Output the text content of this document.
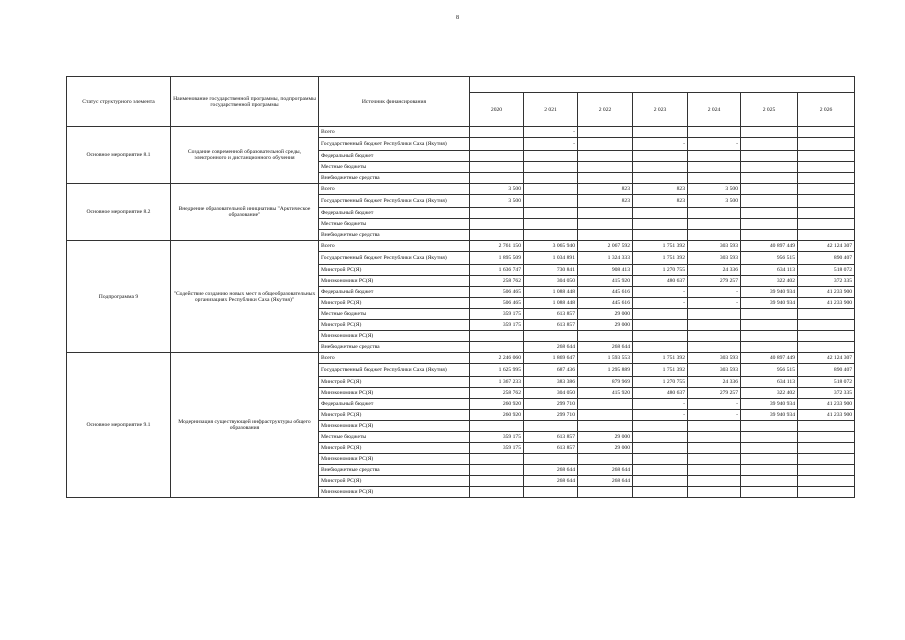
8
Статус структурного элемента	Наименование государственной программы, подпрограммы государственной программы	Источник финансирования							
			2020	2 021	2 022	2 023	2 024	2 025	2 026
Основное мероприятие 8.1	Создание современной образовательной среды, электронного и дистанционного обучения	Всего		-					
		Государственный бюджет Республики Саха (Якутия)		-		-	-		
		Федеральный бюджет							
		Местные бюджеты							
		Внебюджетные средства							
Основное мероприятие 8.2	Внедрение образовательной инициативы "Арктическое образование"	Всего	3 500		823	823	3 500		
		Государственный бюджет Республики Саха (Якутия)	3 500		823	823	3 500		
		Федеральный бюджет							
		Местные бюджеты							
		Внебюджетные средства							
Подпрограмма 9	"Содействие созданию новых мест в общеобразовательных организациях Республики Саха (Якутия)"	Всего	2 761 150	3 065 940	2 067 592	1 751 392	303 593	40 897 449	42 124 307
		Государственный бюджет Республики Саха (Якутия)	1 895 509	1 034 891	1 324 333	1 751 392	303 593	956 515	890 407
		Минстрой РС(Я)	1 636 747	730 841	908 413	1 270 755	24 336	634 113	518 072
		Минэкономики РС(Я)	258 762	304 050	415 920	480 637	279 257	322 402	372 335
		Федеральный бюджет	506 465	1 088 448	445 616	-	-	39 940 934	41 233 900
		Минстрой РС(Я)	506 465	1 088 448	445 616	-	-	39 940 934	41 233 900
		Местные бюджеты	359 175	613 857	29 000				
		Минстрой РС(Я)	359 175	613 857	29 000				
		Минэкономики РС(Я)							
		Внебюджетные средства		268 644	268 644				
Основное мероприятие 9.1	Модернизация существующей инфраструктуры общего образования	Всего	2 246 060	1 869 647	1 593 553	1 751 392	303 593	40 897 449	42 124 307
		Государственный бюджет Республики Саха (Якутия)	1 625 995	687 436	1 295 889	1 751 392	303 593	956 515	890 407
		Минстрой РС(Я)	1 367 233	383 386	879 969	1 270 755	24 336	634 113	518 072
		Минэкономики РС(Я)	258 762	304 050	415 920	480 637	279 257	322 402	372 335
		Федеральный бюджет	260 920	299 710		-	-	39 940 934	41 233 900
		Минстрой РС(Я)	260 920	299 710		-	-	39 940 934	41 233 900
		Минэкономики РС(Я)							
		Местные бюджеты	359 175	613 857	29 000				
		Минстрой РС(Я)	359 175	613 857	29 000				
		Минэкономики РС(Я)							
		Внебюджетные средства		268 644	268 644				
		Минстрой РС(Я)		268 644	268 644				
		Минэкономики РС(Я)							
